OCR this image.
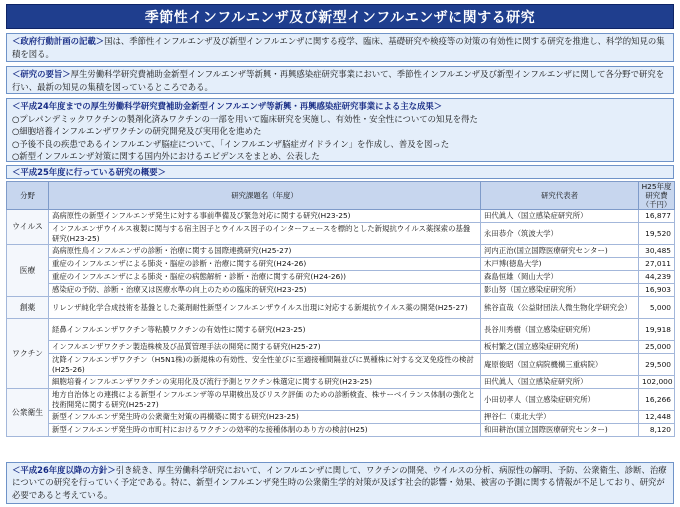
季節性インフルエンザ及び新型インフルエンザに関する研究
＜政府行動計画の記載＞国は、季節性インフルエンザ及び新型インフルエンザに関する疫学、臨床、基礎研究や検疫等の対策の有効性に関する研究を推進し、科学的知見の集積を図る。
＜研究の要旨＞厚生労働科学研究費補助金新型インフルエンザ等新興・再興感染症研究事業において、季節性インフルエンザ及び新型インフルエンザに関して各分野で研究を行い、最新の知見の集積を図っているところである。
＜平成24年度までの厚生労働科学研究費補助金新型インフルエンザ等新興・再興感染症研究事業による主な成果＞
○プレパンデミックワクチンの製剤化済みワクチンの一部を用いて臨床研究を実施し、有効性・安全性についての知見を得た
○細胞培養インフルエンザワクチンの研究開発及び実用化を進めた
○予後不良の疾患であるインフルエンザ脳症について、「インフルエンザ脳症ガイドライン」を作成し、普及を図った
○新型インフルエンザ対策に関する国内外におけるエビデンスをまとめ、公表した
＜平成25年度に行っている研究の概要＞
分野	研究課題名（年度）	研究代表者	H25年度
研究費
（千円）

ウイルス	高病原性の新型インフルエンザ発生に対する事前準備及び緊急対応に関する研究(H23-25)	田代眞人（国立感染症研究所）	16,877
	インフルエンザウイルス複製に関与する宿主因子とウイルス因子のインターフェースを標的とした新規抗ウイルス薬探索の基盤研究(H23-25)	永田恭介（筑波大学）	19,520
医療	高病原性鳥インフルエンザの診断・治療に関する国際連携研究(H25-27)	河内正治(国立国際医療研究センター)	30,485
	重症のインフルエンザによる肺炎・脳症の診断・治療に関する研究(H24-26)	木戸博(徳島大学)	27,011
	重症のインフルエンザによる肺炎・脳症の病態解析・診断・治療に関する研究(H24-26))	森島恒雄（岡山大学）	44,239
	感染症の予防、診断・治療又は医療水準の向上のための臨床的研究(H23-25)	影山努（国立感染症研究所）	16,903
創薬	リレンザ純化学合成技術を基盤とした薬剤耐性新型インフルエンザウイルス出現に対応する新規抗ウイルス薬の開発(H25-27)	熊谷直哉（公益財団法人微生物化学研究会）	5,000
ワクチン	経鼻インフルエンザワクチン等粘膜ワクチンの有効性に関する研究(H23-25)	長谷川秀樹（国立感染症研究所）	19,918
	インフルエンザワクチン製造株検及び品質管理手法の開発に関する研究(H25-27)	板村繁之(国立感染症研究所)	25,000
	沈降インフルエンザワクチン（H5N1株)の新規株の有効性、安全性並びに至適接種間隔並びに異種株に対する交叉免疫性の検討(H25-26)	庵原俊昭（国立病院機構三重病院）	29,500
	細胞培養インフルエンザワクチンの実用化及び流行予測とワクチン株選定に関する研究(H23-25)	田代眞人（国立感染症研究所）	102,000
公衆衛生	地方自治体との連携による新型インフルエンザ等の早期検出及びリスク評価 のための診断検査、株サーベイランス体制の強化と技術開発に関する研究(H25-27)	小田切孝人（国立感染症研究所）	16,266
	新型インフルエンザ発生時の公衆衛生対策の再構築に関する研究(H23-25)	押谷仁（東北大学）	12,448
	新型インフルエンザ発生時の市町村におけるワクチンの効率的な接種体制のあり方の検討(H25)	和田耕治(国立国際医療研究センター)	8,120
＜平成26年度以降の方針＞引き続き、厚生労働科学研究において、インフルエンザに関して、ワクチンの開発、ウイルスの分析、病原性の解明、予防、公衆衛生、診断、治療についての研究を行っていく予定である。特に、新型インフルエンザ発生時の公衆衛生学的対策が及ぼす社会的影響・効果、被害の予測に関する情報が不足しており、研究が必要であると考えている。
